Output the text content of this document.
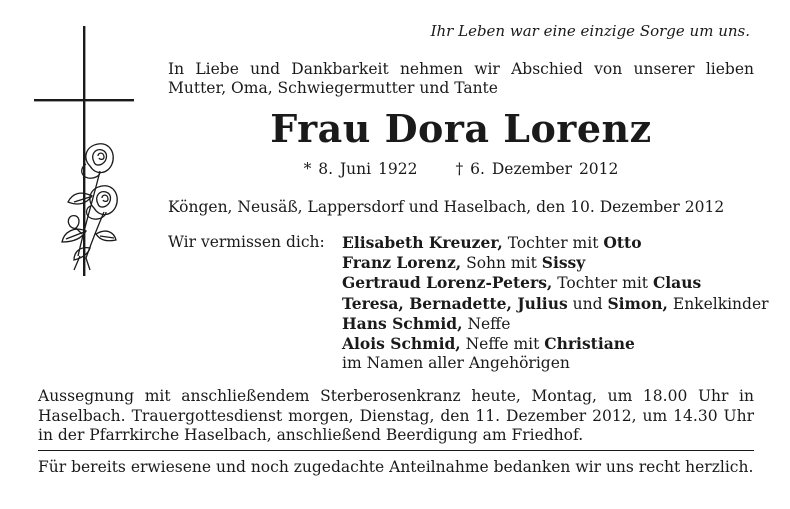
Ihr Leben war eine einzige Sorge um uns.
In Liebe und Dankbarkeit nehmen wir Abschied von unserer lieben Mutter, Oma, Schwiegermutter und Tante
Frau Dora Lorenz
* 8. Juni 1922 † 6. Dezember 2012
Köngen, Neusäß, Lappersdorf und Haselbach, den 10. Dezember 2012
Wir vermissen dich: Elisabeth Kreuzer, Tochter mit Otto
Franz Lorenz, Sohn mit Sissy
Gertraud Lorenz-Peters, Tochter mit Claus
Teresa, Bernadette, Julius und Simon, Enkelkinder
Hans Schmid, Neffe
Alois Schmid, Neffe mit Christiane
im Namen aller Angehörigen
Aussegnung mit anschließendem Sterberosenkranz heute, Montag, um 18.00 Uhr in Haselbach. Trauergottesdienst morgen, Dienstag, den 11. Dezember 2012, um 14.30 Uhr in der Pfarrkirche Haselbach, anschließend Beerdigung am Friedhof.
Für bereits erwiesene und noch zugedachte Anteilnahme bedanken wir uns recht herzlich.
